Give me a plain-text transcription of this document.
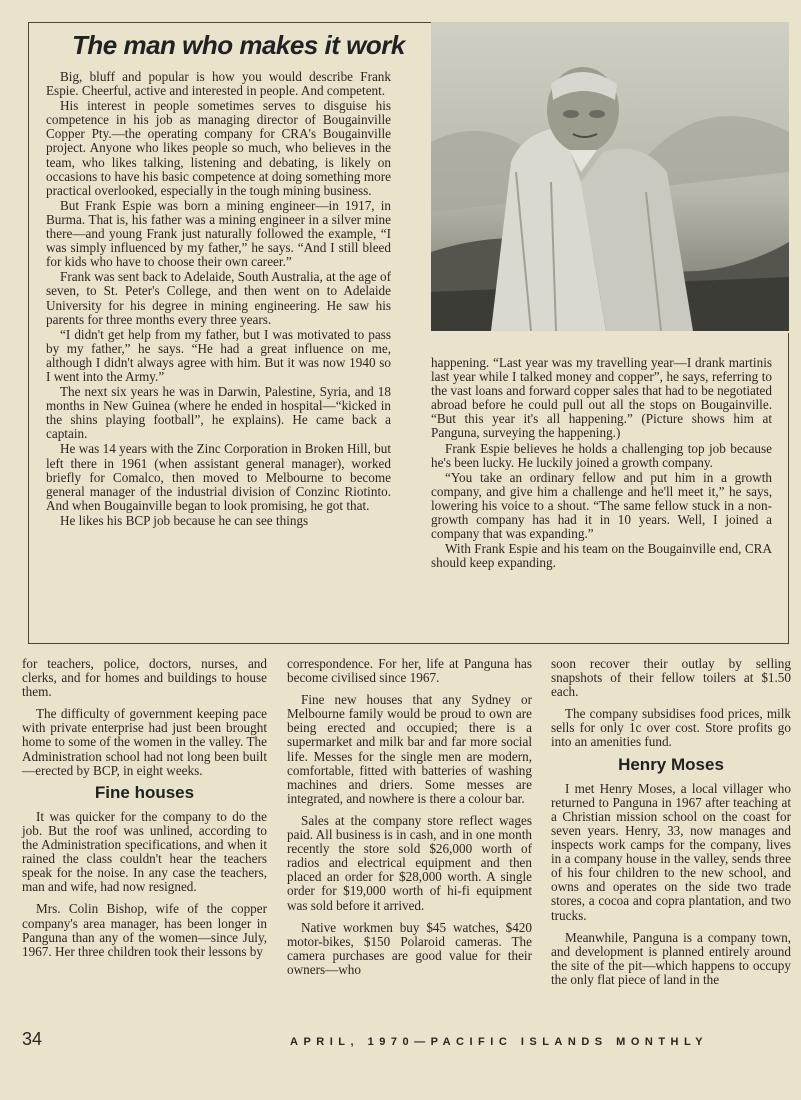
The man who makes it work

Big, bluff and popular is how you would describe Frank Espie. Cheerful, active and interested in people. And competent.

His interest in people sometimes serves to disguise his competence in his job as managing director of Bougainville Copper Pty.—the operating company for CRA's Bougainville project. Anyone who likes people so much, who believes in the team, who likes talking, listening and debating, is likely on occasions to have his basic competence at doing something more practical overlooked, especially in the tough mining business.

But Frank Espie was born a mining engineer—in 1917, in Burma. That is, his father was a mining engineer in a silver mine there—and young Frank just naturally followed the example, “I was simply influenced by my father,” he says. “And I still bleed for kids who have to choose their own career.”

Frank was sent back to Adelaide, South Australia, at the age of seven, to St. Peter's College, and then went on to Adelaide University for his degree in mining engineering. He saw his parents for three months every three years.

“I didn't get help from my father, but I was motivated to pass by my father,” he says. “He had a great influence on me, although I didn't always agree with him. But it was now 1940 so I went into the Army.”

The next six years he was in Darwin, Palestine, Syria, and 18 months in New Guinea (where he ended in hospital—“kicked in the shins playing football”, he explains). He came back a captain.

He was 14 years with the Zinc Corporation in Broken Hill, but left there in 1961 (when assistant general manager), worked briefly for Comalco, then moved to Melbourne to become general manager of the industrial division of Conzinc Riotinto. And when Bougainville began to look promising, he got that.

He likes his BCP job because he can see things

happening. “Last year was my travelling year—I drank martinis last year while I talked money and copper”, he says, referring to the vast loans and forward copper sales that had to be negotiated abroad before he could pull out all the stops on Bougainville. “But this year it's all happening.” (Picture shows him at Panguna, surveying the happening.)

Frank Espie believes he holds a challenging top job because he's been lucky. He luckily joined a growth company.

“You take an ordinary fellow and put him in a growth company, and give him a challenge and he'll meet it,” he says, lowering his voice to a shout. “The same fellow stuck in a non-growth company has had it in 10 years. Well, I joined a company that was expanding.”

With Frank Espie and his team on the Bougainville end, CRA should keep expanding.

for teachers, police, doctors, nurses, and clerks, and for homes and buildings to house them.

The difficulty of government keeping pace with private enterprise had just been brought home to some of the women in the valley. The Administration school had not long been built—erected by BCP, in eight weeks.

Fine houses

It was quicker for the company to do the job. But the roof was unlined, according to the Administration specifications, and when it rained the class couldn't hear the teachers speak for the noise. In any case the teachers, man and wife, had now resigned.

Mrs. Colin Bishop, wife of the copper company's area manager, has been longer in Panguna than any of the women—since July, 1967. Her three children took their lessons by

correspondence. For her, life at Panguna has become civilised since 1967.

Fine new houses that any Sydney or Melbourne family would be proud to own are being erected and occupied; there is a supermarket and milk bar and far more social life. Messes for the single men are modern, comfortable, fitted with batteries of washing machines and driers. Some messes are integrated, and nowhere is there a colour bar.

Sales at the company store reflect wages paid. All business is in cash, and in one month recently the store sold $26,000 worth of radios and electrical equipment and then placed an order for $28,000 worth. A single order for $19,000 worth of hi-fi equipment was sold before it arrived.

Native workmen buy $45 watches, $420 motor-bikes, $150 Polaroid cameras. The camera purchases are good value for their owners—who

soon recover their outlay by selling snapshots of their fellow toilers at $1.50 each.

The company subsidises food prices, milk sells for only 1c over cost. Store profits go into an amenities fund.

Henry Moses

I met Henry Moses, a local villager who returned to Panguna in 1967 after teaching at a Christian mission school on the coast for seven years. Henry, 33, now manages and inspects work camps for the company, lives in a company house in the valley, sends three of his four children to the new school, and owns and operates on the side two trade stores, a cocoa and copra plantation, and two trucks.

Meanwhile, Panguna is a company town, and development is planned entirely around the site of the pit—which happens to occupy the only flat piece of land in the

34	APRIL, 1970—PACIFIC ISLANDS MONTHLY
